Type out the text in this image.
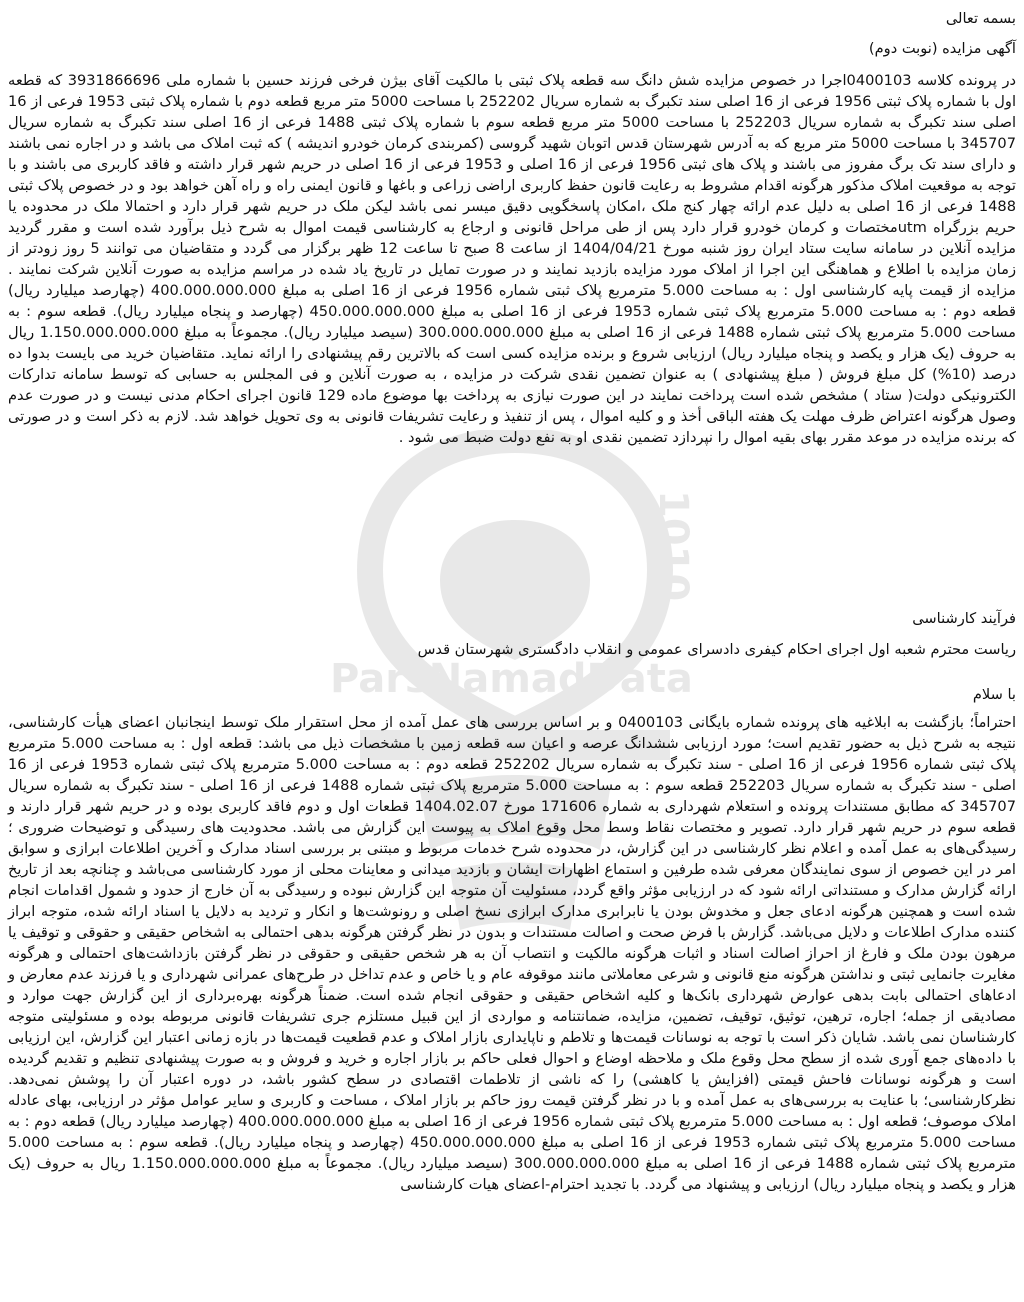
1010
ParsNamadData
بسمه تعالی
آگهی مزایده (نوبت دوم)
در پرونده کلاسه 0400103اجرا در خصوص مزایده شش دانگ سه قطعه پلاک ثبتی با مالکیت آقای بیژن فرخی فرزند حسین با شماره ملی 3931866696 که قطعه اول با شماره پلاک ثبتی 1956 فرعی از 16 اصلی سند تکبرگ به شماره سریال 252202 با مساحت 5000 متر مربع قطعه دوم با شماره پلاک ثبتی 1953 فرعی از 16 اصلی سند تکبرگ به شماره سریال 252203 با مساحت 5000 متر مربع قطعه سوم با شماره پلاک ثبتی 1488 فرعی از 16 اصلی سند تکبرگ به شماره سریال 345707 با مساحت 5000 متر مربع که به آدرس شهرستان قدس اتوبان شهید گروسی (کمربندی کرمان خودرو اندیشه ) که ثبت املاک می باشد و در اجاره نمی باشند و دارای سند تک برگ مفروز می باشند و پلاک های ثبتی 1956 فرعی از 16 اصلی و 1953 فرعی از 16 اصلی در حریم شهر قرار داشته و فاقد کاربری می باشند و با توجه به موقعیت املاک مذکور هرگونه اقدام مشروط به رعایت قانون حفظ کاربری اراضی زراعی و باغها و قانون ایمنی راه و راه آهن خواهد بود و در خصوص پلاک ثبتی 1488 فرعی از 16 اصلی به دلیل عدم ارائه چهار کنج ملک ،امکان پاسخگویی دقیق میسر نمی باشد لیکن ملک در حریم شهر قرار دارد و احتمالا ملک در محدوده یا حریم بزرگراه utmمختصات و کرمان خودرو قرار دارد پس از طی مراحل قانونی و ارجاع به کارشناسی قیمت اموال به شرح ذیل برآورد شده است و مقرر گردید مزایده آنلاین در سامانه سایت ستاد ایران روز شنبه مورخ 1404/04/21 از ساعت 8 صبح تا ساعت 12 ظهر برگزار می گردد و متقاضیان می توانند 5 روز زودتر از زمان مزایده با اطلاع و هماهنگی این اجرا از املاک مورد مزایده بازدید نمایند و در صورت تمایل در تاریخ یاد شده در مراسم مزایده به صورت آنلاین شرکت نمایند . مزایده از قیمت پایه کارشناسی اول : به مساحت 5.000 مترمربع پلاک ثبتی شماره 1956 فرعی از 16 اصلی به مبلغ 400.000.000.000 (چهارصد میلیارد ریال) قطعه دوم : به مساحت 5.000 مترمربع پلاک ثبتی شماره 1953 فرعی از 16 اصلی به مبلغ 450.000.000.000 (چهارصد و پنجاه میلیارد ریال). قطعه سوم : به مساحت 5.000 مترمربع پلاک ثبتی شماره 1488 فرعی از 16 اصلی به مبلغ 300.000.000.000 (سیصد میلیارد ریال). مجموعاً به مبلغ 1.150.000.000.000 ریال به حروف (یک هزار و یکصد و پنجاه میلیارد ریال) ارزیابی شروع و برنده مزایده کسی است که بالاترین رقم پیشنهادی را ارائه نماید. متقاضیان خرید می بایست بدوا ده درصد (10%) کل مبلغ فروش ( مبلغ پیشنهادی ) به عنوان تضمین نقدی شرکت در مزایده ، به صورت آنلاین و فی المجلس به حسابی که توسط سامانه تدارکات الکترونیکی دولت( ستاد ) مشخص شده است پرداخت نمایند در این صورت نیازی به پرداخت بها موضوع ماده 129 قانون اجرای احکام مدنی نیست و در صورت عدم وصول هرگونه اعتراض ظرف مهلت یک هفته الباقی أخذ و و کلیه اموال ، پس از تنفیذ و رعایت تشریفات قانونی به وی تحویل خواهد شد. لازم به ذکر است و در صورتی که برنده مزایده در موعد مقرر بهای بقیه اموال را نپردازد تضمین نقدی او به نفع دولت ضبط می شود .
فرآیند کارشناسی
ریاست محترم شعبه اول اجرای احکام کیفری دادسرای عمومی و انقلاب دادگستری شهرستان قدس
با سلام
احتراماً؛ بازگشت به ابلاغیه های پرونده شماره بایگانی 0400103 و بر اساس بررسی های عمل آمده از محل استقرار ملک توسط اینجانبان اعضای هیأت کارشناسی، نتیجه به شرح ذیل به حضور تقدیم است؛ مورد ارزیابی ششدانگ عرصه و اعیان سه قطعه زمین با مشخصات ذیل می باشد: قطعه اول : به مساحت 5.000 مترمربع پلاک ثبتی شماره 1956 فرعی از 16 اصلی - سند تکبرگ به شماره سریال 252202 قطعه دوم : به مساحت 5.000 مترمربع پلاک ثبتی شماره 1953 فرعی از 16 اصلی - سند تکبرگ به شماره سریال 252203 قطعه سوم : به مساحت 5.000 مترمربع پلاک ثبتی شماره 1488 فرعی از 16 اصلی - سند تکبرگ به شماره سریال 345707 که مطابق مستندات پرونده و استعلام شهرداری به شماره 171606 مورخ 1404.02.07 قطعات اول و دوم فاقد کاربری بوده و در حریم شهر قرار دارند و قطعه سوم در حریم شهر قرار دارد. تصویر و مختصات نقاط وسط محل وقوع املاک به پیوست این گزارش می باشد. محدودیت های رسیدگی و توضیحات ضروری ؛ رسیدگی‌های به عمل آمده و اعلام نظر کارشناسی در این گزارش، در محدوده شرح خدمات مربوط و مبتنی بر بررسی اسناد مدارک و آخرین اطلاعات ابرازی و سوابق امر در این خصوص از سوی نمایندگان معرفی شده طرفین و استماع اظهارات ایشان و بازدید میدانی و معاینات محلی از مورد کارشناسی می‌باشد و چنانچه بعد از تاریخ ارائه گزارش مدارک و مستنداتی ارائه شود که در ارزیابی مؤثر واقع گردد، مسئولیت آن متوجه این گزارش نبوده و رسیدگی به آن خارج از حدود و شمول اقدامات انجام شده است و همچنین هرگونه ادعای جعل و مخدوش بودن یا نابرابری مدارک ابرازی نسخ اصلی و رونوشت‌ها و انکار و تردید به دلایل یا اسناد ارائه شده، متوجه ابراز کننده مدارک اطلاعات و دلایل می‌باشد. گزارش با فرض صحت و اصالت مستندات و بدون در نظر گرفتن هرگونه بدهی احتمالی به اشخاص حقیقی و حقوقی و توقیف یا مرهون بودن ملک و فارغ از احراز اصالت اسناد و اثبات هرگونه مالکیت و انتصاب آن به هر شخص حقیقی و حقوقی در نظر گرفتن بازداشت‌های احتمالی و هرگونه مغایرت جانمایی ثبتی و نداشتن هرگونه منع قانونی و شرعی معاملاتی مانند موقوفه عام و یا خاص و عدم تداخل در طرح‌های عمرانی شهرداری و یا فرزند عدم معارض و ادعاهای احتمالی بابت بدهی عوارض شهرداری بانک‌ها و کلیه اشخاص حقیقی و حقوقی انجام شده است. ضمناً هرگونه بهره‌برداری از این گزارش جهت موارد و مصادیقی از جمله؛ اجاره، ترهین، توثیق، توقیف، تضمین، مزایده، ضمانتنامه و مواردی از این قبیل مستلزم جری تشریفات قانونی مربوطه بوده و مسئولیتی متوجه کارشناسان نمی باشد. شایان ذکر است با توجه به نوسانات قیمت‌ها و تلاطم و ناپایداری بازار املاک و عدم قطعیت قیمت‌ها در بازه زمانی اعتبار این گزارش، این ارزیابی با داده‌های جمع آوری شده از سطح محل وقوع ملک و ملاحظه اوضاع و احوال فعلی حاکم بر بازار اجاره و خرید و فروش و به صورت پیشنهادی تنظیم و تقدیم گردیده است و هرگونه نوسانات فاحش قیمتی (افزایش یا کاهشی) را که ناشی از تلاطمات اقتصادی در سطح کشور باشد، در دوره اعتبار آن را پوشش نمی‌دهد. نظرکارشناسی؛ با عنایت به بررسی‌های به عمل آمده و با در نظر گرفتن قیمت روز حاکم بر بازار املاک ، مساحت و کاربری و سایر عوامل مؤثر در ارزیابی، بهای عادله املاک موصوف؛ قطعه اول : به مساحت 5.000 مترمربع پلاک ثبتی شماره 1956 فرعی از 16 اصلی به مبلغ 400.000.000.000 (چهارصد میلیارد ریال) قطعه دوم : به مساحت 5.000 مترمربع پلاک ثبتی شماره 1953 فرعی از 16 اصلی به مبلغ 450.000.000.000 (چهارصد و پنجاه میلیارد ریال). قطعه سوم : به مساحت 5.000 مترمربع پلاک ثبتی شماره 1488 فرعی از 16 اصلی به مبلغ 300.000.000.000 (سیصد میلیارد ریال). مجموعاً به مبلغ 1.150.000.000.000 ریال به حروف (یک هزار و یکصد و پنجاه میلیارد ریال) ارزیابی و پیشنهاد می گردد. با تجدید احترام-اعضای هیات کارشناسی
